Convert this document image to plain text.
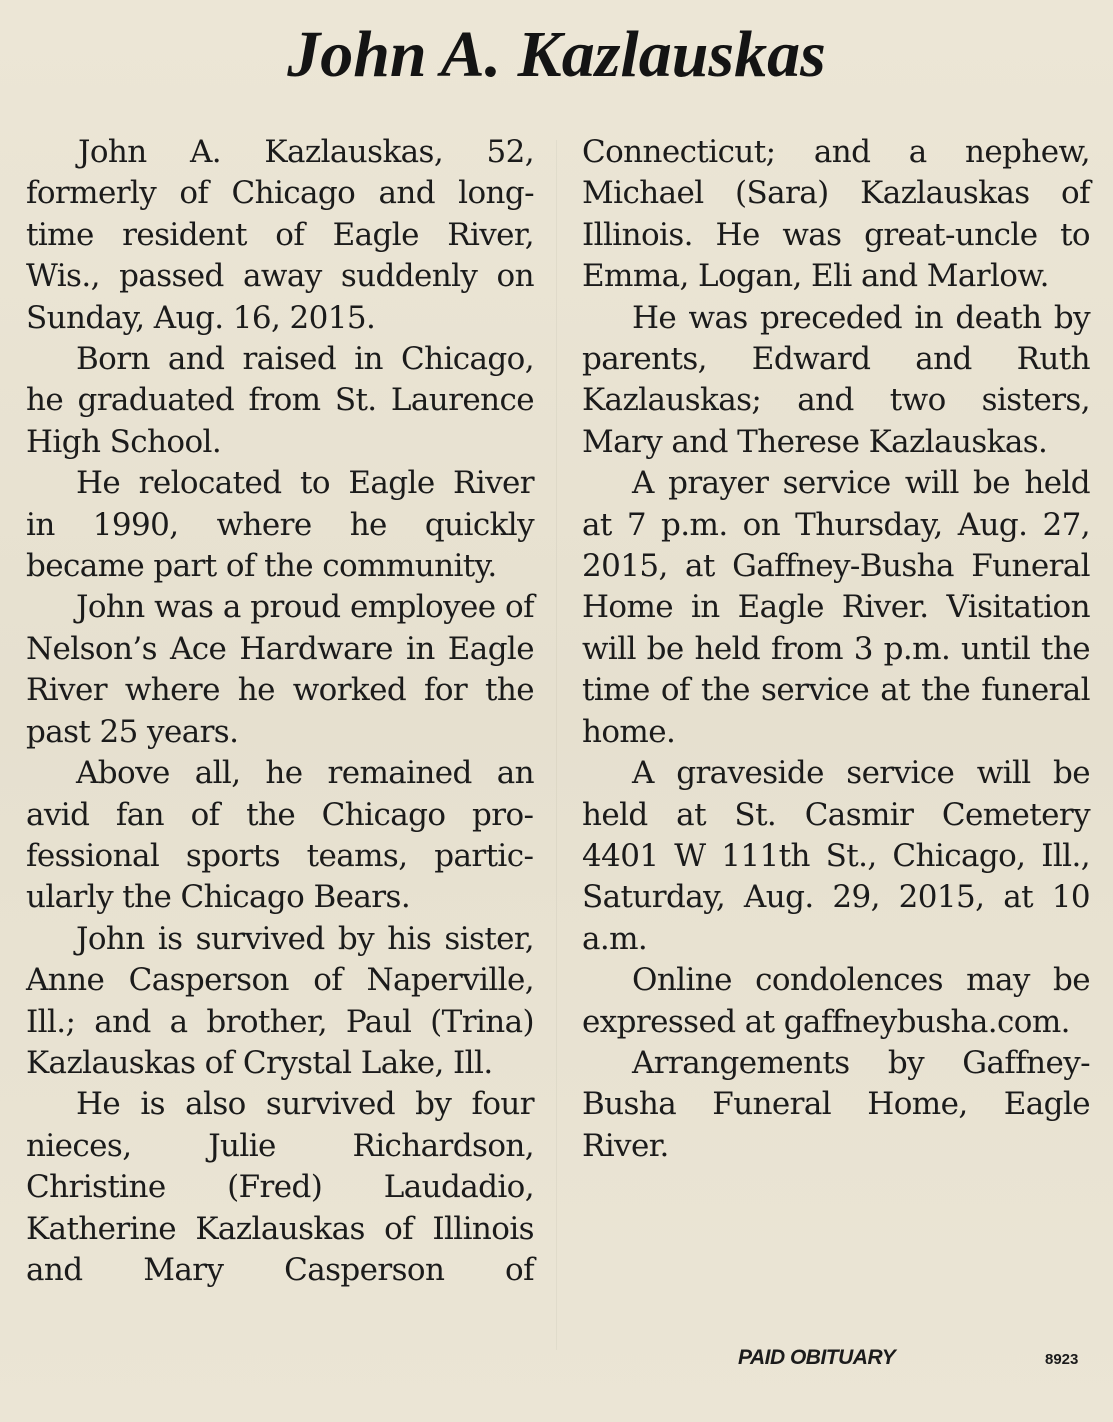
John A. Kazlauskas

John A. Kazlauskas, 52, formerly of Chicago and long-time resident of Eagle River, Wis., passed away suddenly on Sunday, Aug. 16, 2015.

Born and raised in Chicago, he graduated from St. Laurence High School.

He relocated to Eagle River in 1990, where he quickly became part of the community.

John was a proud employee of Nelson’s Ace Hardware in Eagle River where he worked for the past 25 years.

Above all, he remained an avid fan of the Chicago professional sports teams, particularly the Chicago Bears.

John is survived by his sister, Anne Casperson of Naperville, Ill.; and a brother, Paul (Trina) Kazlauskas of Crystal Lake, Ill.

He is also survived by four nieces, Julie Richardson, Christine (Fred) Laudadio, Katherine Kazlauskas of Illinois and Mary Casperson of

Connecticut; and a nephew, Michael (Sara) Kazlauskas of Illinois. He was great-uncle to Emma, Logan, Eli and Marlow.

He was preceded in death by parents, Edward and Ruth Kazlauskas; and two sisters, Mary and Therese Kazlauskas.

A prayer service will be held at 7 p.m. on Thursday, Aug. 27, 2015, at Gaffney-Busha Funeral Home in Eagle River. Visitation will be held from 3 p.m. until the time of the service at the funeral home.

A graveside service will be held at St. Casmir Cemetery 4401 W 111th St., Chicago, Ill., Saturday, Aug. 29, 2015, at 10 a.m.

Online condolences may be expressed at gaffneybusha.com.

Arrangements by Gaffney-Busha Funeral Home, Eagle River.

PAID OBITUARY	8923
